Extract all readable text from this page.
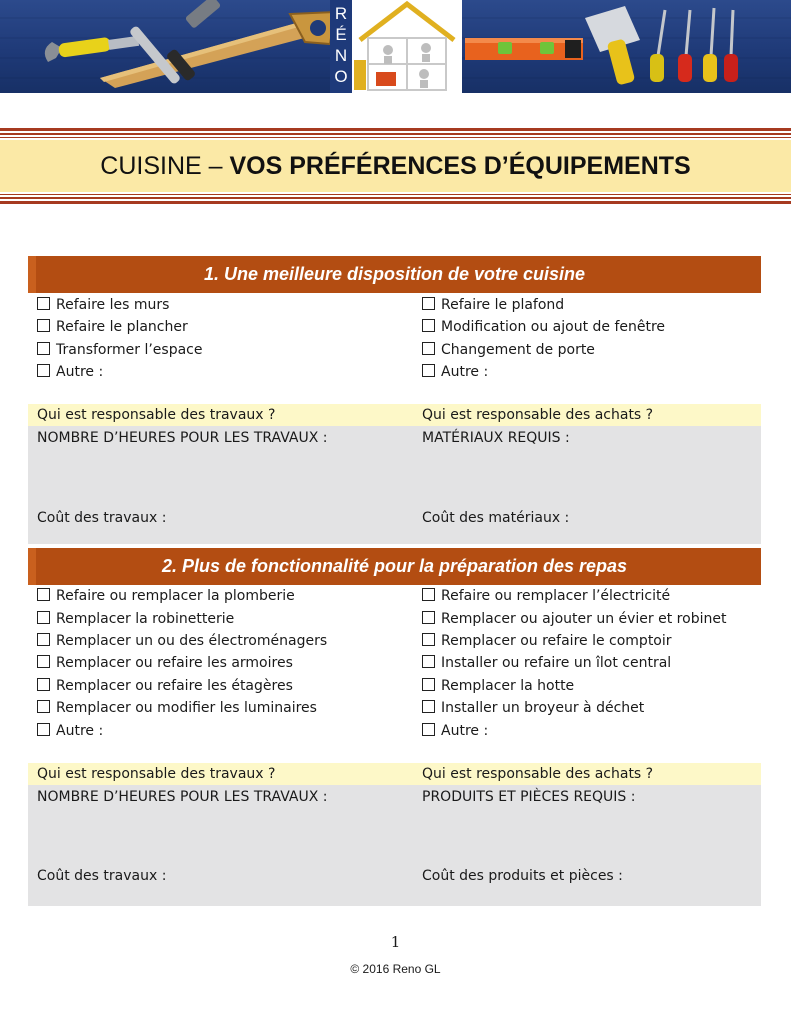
R
É
N
O
CUISINE – VOS PRÉFÉRENCES D’ÉQUIPEMENTS
1. Une meilleure disposition de votre cuisine
Refaire les murs
Refaire le plancher
Transformer l’espace
Autre :
Refaire le plafond
Modification ou ajout de fenêtre
Changement de porte
Autre :
Qui est responsable des travaux ?	Qui est responsable des achats ?
NOMBRE D’HEURES POUR LES TRAVAUX :	MATÉRIAUX REQUIS :
Coût des travaux :	Coût des matériaux :
2. Plus de fonctionnalité pour la préparation des repas
Refaire ou remplacer la plomberie
Remplacer la robinetterie
Remplacer un ou des électroménagers
Remplacer ou refaire les armoires
Remplacer ou refaire les étagères
Remplacer ou modifier les luminaires
Autre :
Refaire ou remplacer l’électricité
Remplacer ou ajouter un évier et robinet
Remplacer ou refaire le comptoir
Installer ou refaire un îlot central
Remplacer la hotte
Installer un broyeur à déchet
Autre :
Qui est responsable des travaux ?	Qui est responsable des achats ?
NOMBRE D’HEURES POUR LES TRAVAUX :	PRODUITS ET PIÈCES REQUIS :
Coût des travaux :	Coût des produits et pièces :
1
© 2016 Reno GL
